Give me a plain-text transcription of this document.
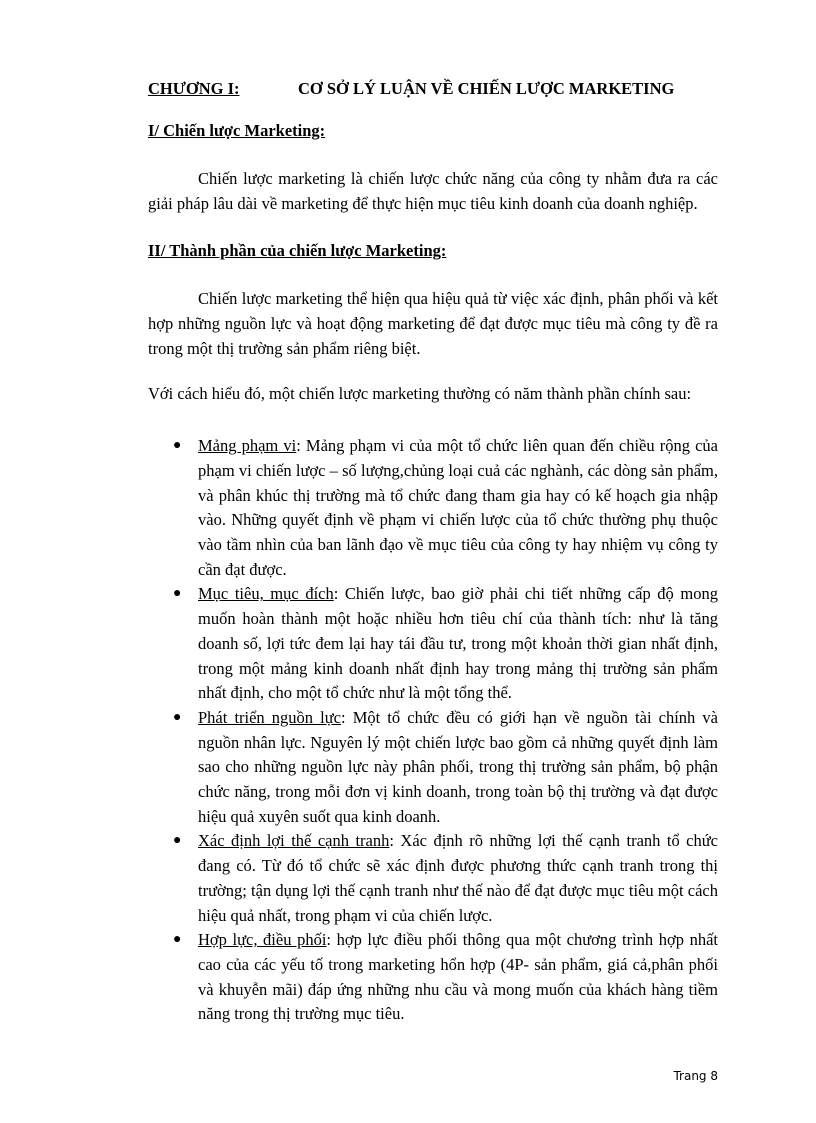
CHƯƠNG I:	CƠ SỞ LÝ LUẬN VỀ CHIẾN LƯỢC MARKETING
I/ Chiến lược Marketing:

Chiến lược marketing là chiến lược chức năng của công ty nhằm đưa ra các giải pháp lâu dài về marketing để thực hiện mục tiêu kinh doanh của doanh nghiệp.

II/ Thành phần của chiến lược Marketing:

Chiến lược marketing thể hiện qua hiệu quả từ việc xác định, phân phối và kết hợp những nguồn lực và hoạt động marketing để đạt được mục tiêu mà công ty đề ra trong một thị trường sản phẩm riêng biệt.

Với cách hiểu đó, một chiến lược marketing thường có năm thành phần chính sau:

● Mảng phạm vi: Mảng phạm vi của một tổ chức liên quan đến chiều rộng của phạm vi chiến lược – số lượng,chủng loại cuả các nghành, các dòng sản phẩm, và phân khúc thị trường mà tổ chức đang tham gia hay có kế hoạch gia nhập vào. Những quyết định về phạm vi chiến lược của tổ chức thường phụ thuộc vào tầm nhìn của ban lãnh đạo về mục tiêu của công ty hay nhiệm vụ công ty cần đạt được.
● Mục tiêu, mục đích: Chiến lược, bao giờ phải chi tiết những cấp độ mong muốn hoàn thành một hoặc nhiều hơn tiêu chí của thành tích: như là tăng doanh số, lợi tức đem lại hay tái đầu tư, trong một khoản thời gian nhất định, trong một mảng kinh doanh nhất định hay trong mảng thị trường sản phẩm nhất định, cho một tổ chức như là một tổng thể.
● Phát triển nguồn lực: Một tổ chức đều có giới hạn về nguồn tài chính và nguồn nhân lực. Nguyên lý một chiến lược bao gồm cả những quyết định làm sao cho những nguồn lực này phân phối, trong thị trường sản phẩm, bộ phận chức năng, trong mỗi đơn vị kinh doanh, trong toàn bộ thị trường và đạt được hiệu quả xuyên suốt qua kinh doanh.
● Xác định lợi thế cạnh tranh: Xác định rõ những lợi thế cạnh tranh tổ chức đang có. Từ đó tổ chức sẽ xác định được phương thức cạnh tranh trong thị trường; tận dụng lợi thế cạnh tranh như thế nào để đạt được mục tiêu một cách hiệu quả nhất, trong phạm vi của chiến lược.
● Hợp lực, điều phối: hợp lực điều phối thông qua một chương trình hợp nhất cao của các yếu tố trong marketing hổn hợp (4P- sản phẩm, giá cả,phân phối và khuyễn mãi) đáp ứng những nhu cầu và mong muốn của khách hàng tiềm năng trong thị trường mục tiêu.
Trang 8
